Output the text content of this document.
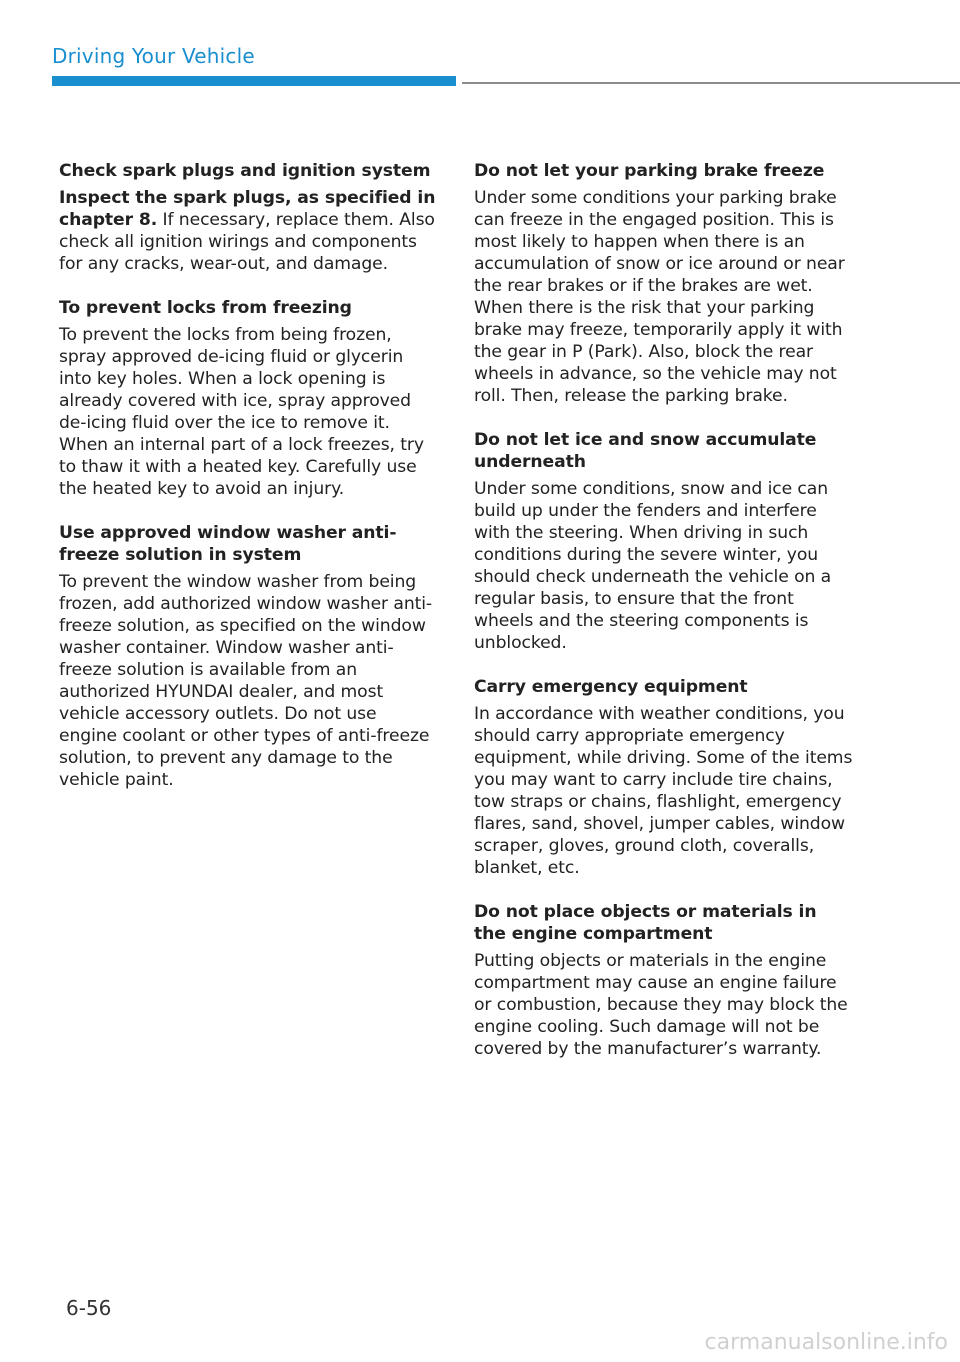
Driving Your Vehicle
Check spark plugs and ignition system
Inspect the spark plugs, as specified in chapter 8. If necessary, replace them. Also check all ignition wirings and components for any cracks, wear-out, and damage.
To prevent locks from freezing
To prevent the locks from being frozen, spray approved de-icing fluid or glycerin into key holes. When a lock opening is already covered with ice, spray approved de-icing fluid over the ice to remove it. When an internal part of a lock freezes, try to thaw it with a heated key. Carefully use the heated key to avoid an injury.
Use approved window washer anti-freeze solution in system
To prevent the window washer from being frozen, add authorized window washer anti-freeze solution, as specified on the window washer container. Window washer anti-freeze solution is available from an authorized HYUNDAI dealer, and most vehicle accessory outlets. Do not use engine coolant or other types of anti-freeze solution, to prevent any damage to the vehicle paint.
Do not let your parking brake freeze
Under some conditions your parking brake can freeze in the engaged position. This is most likely to happen when there is an accumulation of snow or ice around or near the rear brakes or if the brakes are wet. When there is the risk that your parking brake may freeze, temporarily apply it with the gear in P (Park). Also, block the rear wheels in advance, so the vehicle may not roll. Then, release the parking brake.
Do not let ice and snow accumulate underneath
Under some conditions, snow and ice can build up under the fenders and interfere with the steering. When driving in such conditions during the severe winter, you should check underneath the vehicle on a regular basis, to ensure that the front wheels and the steering components is unblocked.
Carry emergency equipment
In accordance with weather conditions, you should carry appropriate emergency equipment, while driving. Some of the items you may want to carry include tire chains, tow straps or chains, flashlight, emergency flares, sand, shovel, jumper cables, window scraper, gloves, ground cloth, coveralls, blanket, etc.
Do not place objects or materials in the engine compartment
Putting objects or materials in the engine compartment may cause an engine failure or combustion, because they may block the engine cooling. Such damage will not be covered by the manufacturer’s warranty.
6-56
carmanualsonline.info
